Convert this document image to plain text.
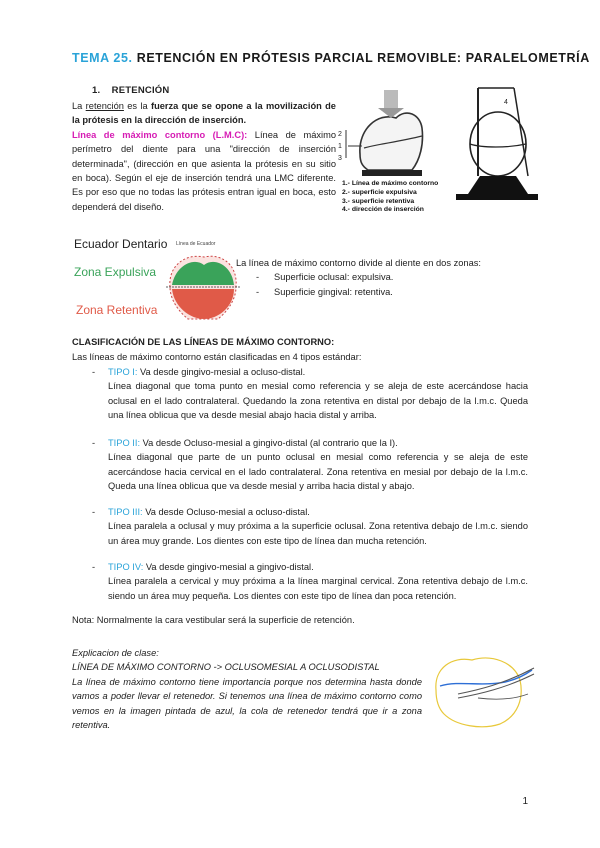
TEMA 25. RETENCIÓN EN PRÓTESIS PARCIAL REMOVIBLE: PARALELOMETRÍA
1.    RETENCIÓN
La retención es la fuerza que se opone a la movilización de la prótesis en la dirección de inserción.
Línea de máximo contorno (L.M.C): Línea de máximo perímetro del diente para una "dirección de inserción determinada", (dirección en que asienta la prótesis en su sitio en boca). Según el eje de inserción tendrá una LMC diferente. Es por eso que no todas las prótesis entran igual en boca, esto dependerá del diseño.
2
1
3
4
1.- Línea de máximo contorno
2.- superficie expulsiva
3.- superficie retentiva
4.- dirección de inserción
Ecuador Dentario Línea de Ecuador
Zona Expulsiva
Zona Retentiva
La línea de máximo contorno divide al diente en dos zonas:
- Superficie oclusal: expulsiva.
- Superficie gingival: retentiva.
CLASIFICACIÓN DE LAS LÍNEAS DE MÁXIMO CONTORNO:
Las líneas de máximo contorno están clasificadas en 4 tipos estándar:
-	TIPO I: Va desde gingivo-mesial a ocluso-distal.
Línea diagonal que toma punto en mesial como referencia y se aleja de este acercándose hacia oclusal en el lado contralateral. Quedando la zona retentiva en distal por debajo de la l.m.c. Queda una línea oblicua que va desde mesial abajo hacia distal y arriba.
-	TIPO II: Va desde Ocluso-mesial a gingivo-distal (al contrario que la I).
Línea diagonal que parte de un punto oclusal en mesial como referencia y se aleja de este acercándose hacia cervical en el lado contralateral. Zona retentiva en mesial por debajo de la l.m.c. Queda una línea oblicua que va desde mesial y arriba hacia distal y abajo.
-	TIPO III: Va desde Ocluso-mesial a ocluso-distal.
Línea paralela a oclusal y muy próxima a la superficie oclusal. Zona retentiva debajo de l.m.c. siendo un área muy grande. Los dientes con este tipo de línea dan mucha retención.
-	TIPO IV: Va desde gingivo-mesial a gingivo-distal.
Línea paralela a cervical y muy próxima a la línea marginal cervical. Zona retentiva debajo de l.m.c. siendo un área muy pequeña. Los dientes con este tipo de línea dan poca retención.
Nota: Normalmente la cara vestibular será la superficie de retención.
Explicacion de clase:
LÍNEA DE MÁXIMO CONTORNO -> OCLUSOMESIAL A OCLUSODISTAL
La línea de máximo contorno tiene importancia porque nos determina hasta donde vamos a poder llevar el retenedor. Si tenemos una línea de máximo contorno como vemos en la imagen pintada de azul, la cola de retenedor tendrá que ir a zona retentiva.
1
